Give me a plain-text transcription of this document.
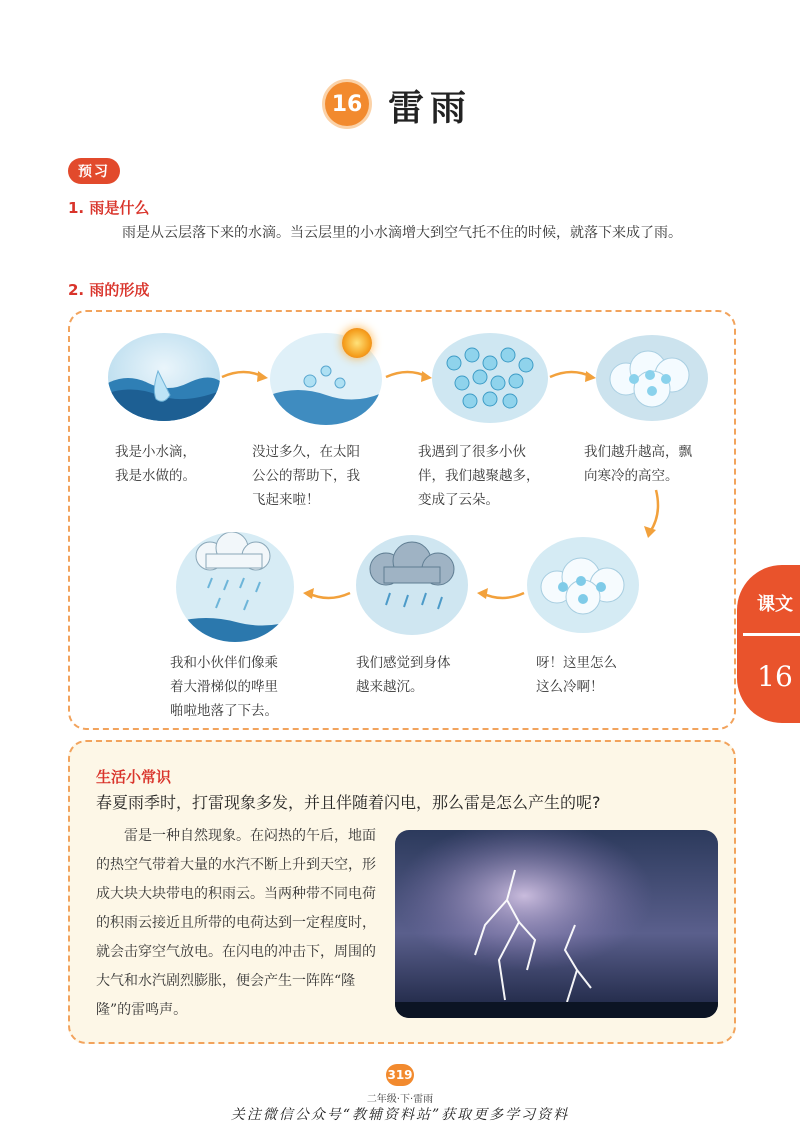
16 雷雨
预习
1. 雨是什么
雨是从云层落下来的水滴。当云层里的小水滴增大到空气托不住的时候，就落下来成了雨。
2. 雨的形成
我是小水滴，
我是水做的。
没过多久，在太阳
公公的帮助下，我
飞起来啦！
我遇到了很多小伙
伴，我们越聚越多，
变成了云朵。
我们越升越高，飘
向寒冷的高空。
呀！这里怎么
这么冷啊！
我们感觉到身体
越来越沉。
我和小伙伴们像乘
着大滑梯似的哗里
啪啦地落了下去。
课文
16
生活小常识
春夏雨季时，打雷现象多发，并且伴随着闪电，那么雷是怎么产生的呢?
雷是一种自然现象。在闷热的午后，地面的热空气带着大量的水汽不断上升到天空，形成大块大块带电的积雨云。当两种带不同电荷的积雨云接近且所带的电荷达到一定程度时，就会击穿空气放电。在闪电的冲击下，周围的大气和水汽剧烈膨胀，便会产生一阵阵“隆隆”的雷鸣声。
319
二年级·下·雷雨
关注微信公众号“教辅资料站”获取更多学习资料
